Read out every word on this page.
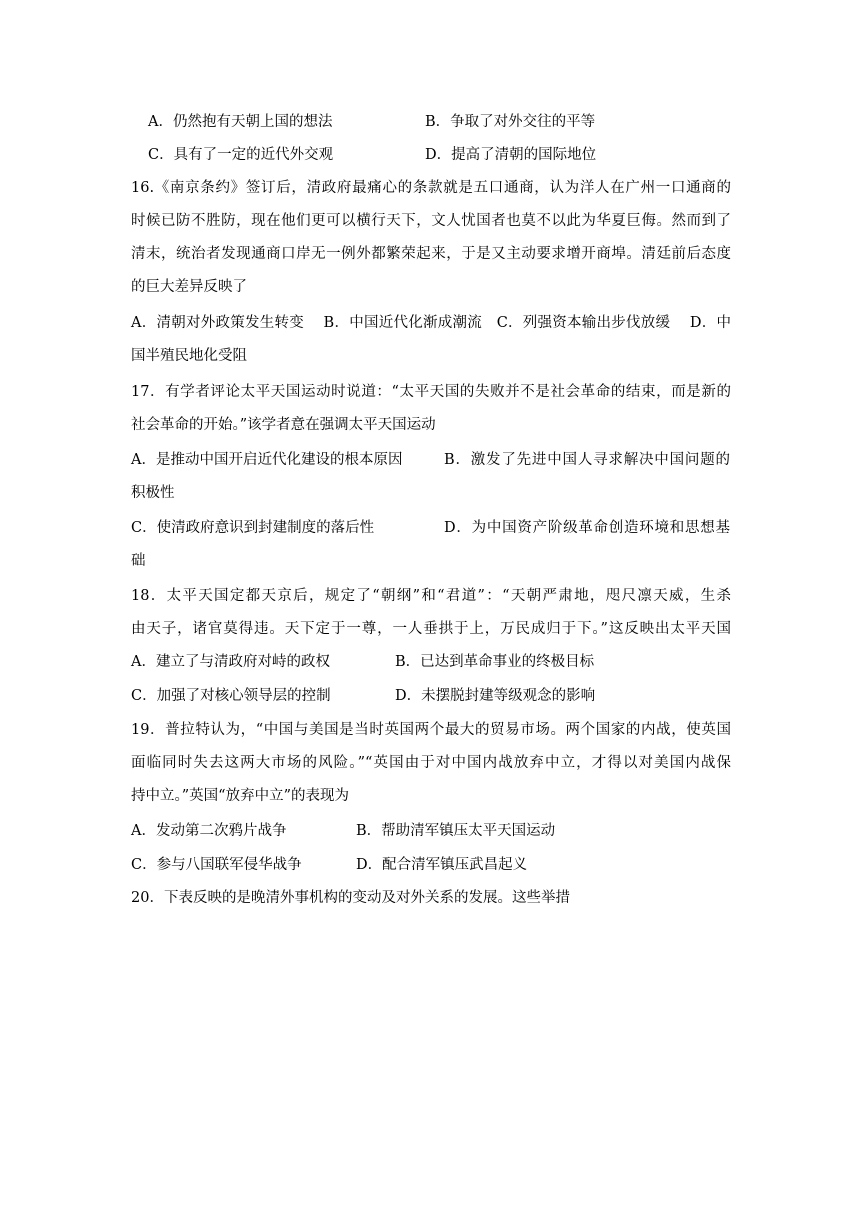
A．仍然抱有天朝上国的想法	B．争取了对外交往的平等
C．具有了一定的近代外交观	D．提高了清朝的国际地位
16.《南京条约》签订后，清政府最痛心的条款就是五口通商，认为洋人在广州一口通商的
时候已防不胜防，现在他们更可以横行天下，文人忧国者也莫不以此为华夏巨侮。然而到了
清末，统治者发现通商口岸无一例外都繁荣起来，于是又主动要求增开商埠。清廷前后态度
的巨大差异反映了
A．清朝对外政策发生转变　 B．中国近代化渐成潮流　C．列强资本输出步伐放缓　 D．中
国半殖民地化受阻
17．有学者评论太平天国运动时说道：“太平天国的失败并不是社会革命的结束，而是新的
社会革命的开始。”该学者意在强调太平天国运动
A．是推动中国开启近代化建设的根本原因	B．激发了先进中国人寻求解决中国问题的
积极性
C．使清政府意识到封建制度的落后性	D．为中国资产阶级革命创造环境和思想基
础
18．太平天国定都天京后，规定了“朝纲”和“君道”：“天朝严肃地，咫尺凛天威，生杀
由天子，诸官莫得违。天下定于一尊，一人垂拱于上，万民成归于下。”这反映出太平天国
A．建立了与清政府对峙的政权	B．已达到革命事业的终极目标
C．加强了对核心领导层的控制	D．未摆脱封建等级观念的影响
19．普拉特认为，“中国与美国是当时英国两个最大的贸易市场。两个国家的内战，使英国
面临同时失去这两大市场的风险。”“英国由于对中国内战放弃中立，才得以对美国内战保
持中立。”英国“放弃中立”的表现为
A．发动第二次鸦片战争	B．帮助清军镇压太平天国运动
C．参与八国联军侵华战争	D．配合清军镇压武昌起义
20．下表反映的是晚清外事机构的变动及对外关系的发展。这些举措
